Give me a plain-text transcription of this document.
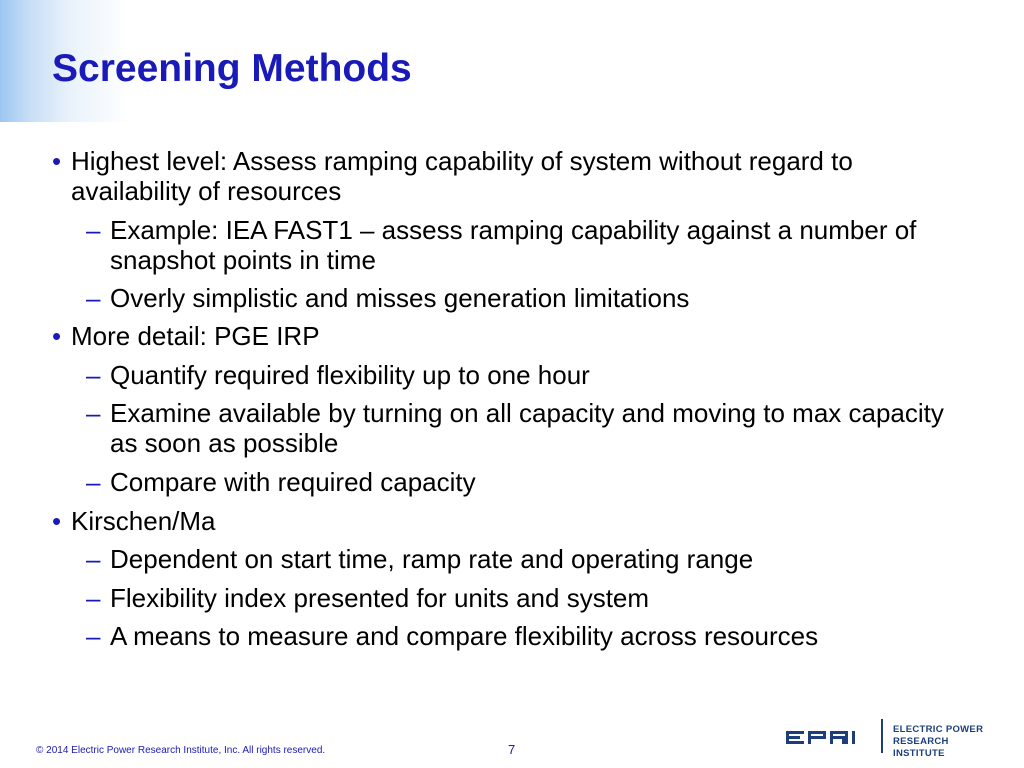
Screening Methods
• Highest level: Assess ramping capability of system without regard to availability of resources
– Example: IEA FAST1 – assess ramping capability against a number of snapshot points in time
– Overly simplistic and misses generation limitations
• More detail: PGE IRP
– Quantify required flexibility up to one hour
– Examine available by turning on all capacity and moving to max capacity as soon as possible
– Compare with required capacity
• Kirschen/Ma
– Dependent on start time, ramp rate and operating range
– Flexibility index presented for units and system
– A means to measure and compare flexibility across resources
© 2014 Electric Power Research Institute, Inc. All rights reserved.	7
ELECTRIC POWER RESEARCH INSTITUTE
